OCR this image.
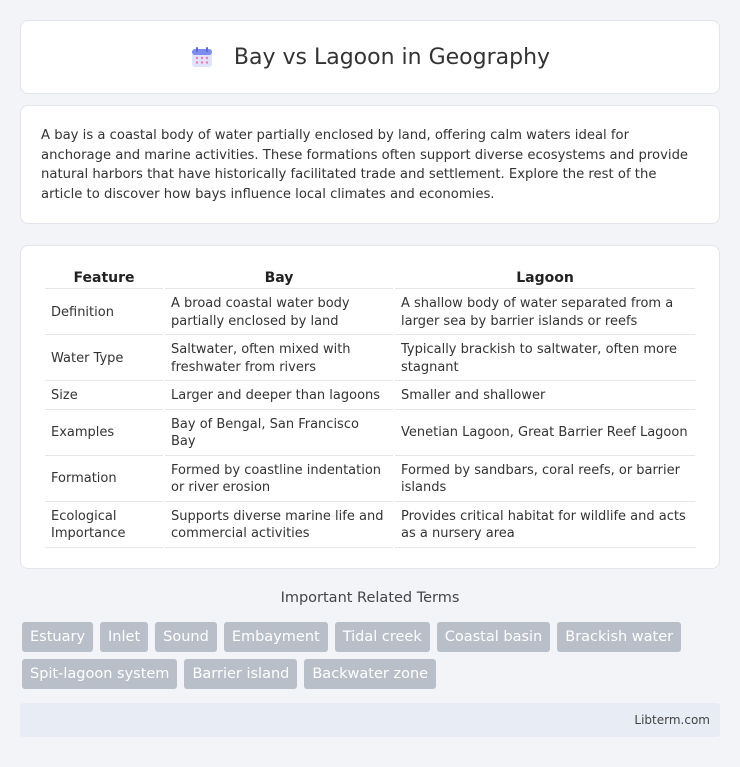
Bay vs Lagoon in Geography

A bay is a coastal body of water partially enclosed by land, offering calm waters ideal for anchorage and marine activities. These formations often support diverse ecosystems and provide natural harbors that have historically facilitated trade and settlement. Explore the rest of the article to discover how bays influence local climates and economies.

Feature	Bay	Lagoon
Definition	A broad coastal water body partially enclosed by land	A shallow body of water separated from a larger sea by barrier islands or reefs
Water Type	Saltwater, often mixed with freshwater from rivers	Typically brackish to saltwater, often more stagnant
Size	Larger and deeper than lagoons	Smaller and shallower
Examples	Bay of Bengal, San Francisco Bay	Venetian Lagoon, Great Barrier Reef Lagoon
Formation	Formed by coastline indentation or river erosion	Formed by sandbars, coral reefs, or barrier islands
Ecological Importance	Supports diverse marine life and commercial activities	Provides critical habitat for wildlife and acts as a nursery area
Important Related Terms
Estuary	Inlet	Sound	Embayment	Tidal creek	Coastal basin	Brackish water
Spit-lagoon system	Barrier island	Backwater zone
Libterm.com
